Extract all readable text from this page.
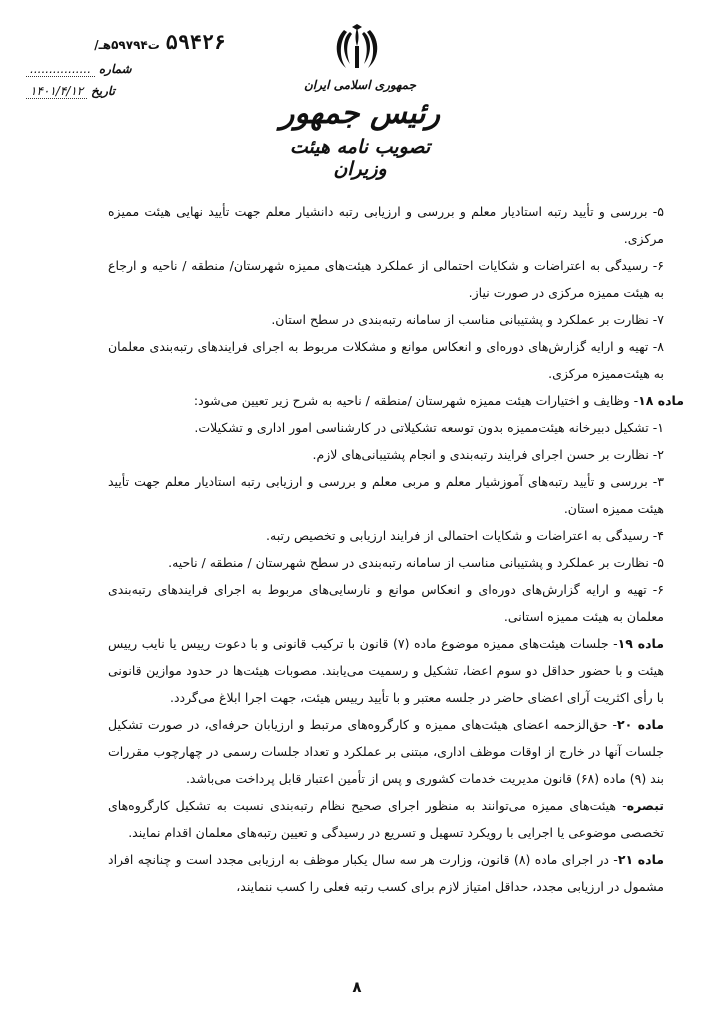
/ت۵۹۷۹۴هـ ۵۹۴۲۶
شماره ................
تاریخ ۱۴۰۱/۴/۱۲	جمهوری اسلامی ایران
رئیس جمهور
تصویب نامه هیئت وزیران
۵- بررسی و تأیید رتبه استادیار معلم و بررسی و ارزیابی رتبه دانشیار معلم جهت تأیید نهایی هیئت ممیزه مرکزی.
۶- رسیدگی به اعتراضات و شکایات احتمالی از عملکرد هیئت‌های ممیزه شهرستان/ منطقه / ناحیه و ارجاع به هیئت ممیزه مرکزی در صورت نیاز.
۷- نظارت بر عملکرد و پشتیبانی مناسب از سامانه رتبه‌بندی در سطح استان.
۸- تهیه و ارایه گزارش‌های دوره‌ای و انعکاس موانع و مشکلات مربوط به اجرای فرایندهای رتبه‌بندی معلمان به هیئت‌ممیزه مرکزی.
ماده ۱۸- وظایف و اختیارات هیئت ممیزه شهرستان /منطقه / ناحیه به شرح زیر تعیین می‌شود:
۱- تشکیل دبیرخانه هیئت‌ممیزه بدون توسعه تشکیلاتی در کارشناسی امور اداری و تشکیلات.
۲- نظارت بر حسن اجرای فرایند رتبه‌بندی و انجام پشتیبانی‌های لازم.
۳- بررسی و تأیید رتبه‌های آموزشیار معلم و مربی معلم و بررسی و ارزیابی رتبه استادیار معلم جهت تأیید هیئت ممیزه استان.
۴- رسیدگی به اعتراضات و شکایات احتمالی از فرایند ارزیابی و تخصیص رتبه.
۵- نظارت بر عملکرد و پشتیبانی مناسب از سامانه رتبه‌بندی در سطح شهرستان / منطقه / ناحیه.
۶- تهیه و ارایه گزارش‌های دوره‌ای و انعکاس موانع و نارسایی‌های مربوط به اجرای فرایندهای رتبه‌بندی معلمان به هیئت ممیزه استانی.
ماده ۱۹- جلسات هیئت‌های ممیزه موضوع ماده (۷) قانون با ترکیب قانونی و با دعوت رییس یا نایب رییس هیئت و با حضور حداقل دو سوم اعضا، تشکیل و رسمیت می‌یابند. مصوبات هیئت‌ها در حدود موازین قانونی با رأی اکثریت آرای اعضای حاضر در جلسه معتبر و با تأیید رییس هیئت، جهت اجرا ابلاغ می‌گردد.
ماده ۲۰- حق‌الزحمه اعضای هیئت‌های ممیزه و کارگروه‌های مرتبط و ارزیابان حرفه‌ای، در صورت تشکیل جلسات آنها در خارج از اوقات موظف اداری، مبتنی بر عملکرد و تعداد جلسات رسمی در چهارچوب مقررات بند (۹) ماده (۶۸) قانون مدیریت خدمات کشوری و پس از تأمین اعتبار قابل پرداخت می‌باشد.
تبصره- هیئت‌های ممیزه می‌توانند به منظور اجرای صحیح نظام رتبه‌بندی نسبت به تشکیل کارگروه‌های تخصصی موضوعی یا اجرایی با رویکرد تسهیل و تسریع در رسیدگی و تعیین رتبه‌های معلمان اقدام نمایند.
ماده ۲۱- در اجرای ماده (۸) قانون، وزارت هر سه سال یکبار موظف به ارزیابی مجدد است و چنانچه افراد مشمول در ارزیابی مجدد، حداقل امتیاز لازم برای کسب رتبه فعلی را کسب ننمایند،
۸
